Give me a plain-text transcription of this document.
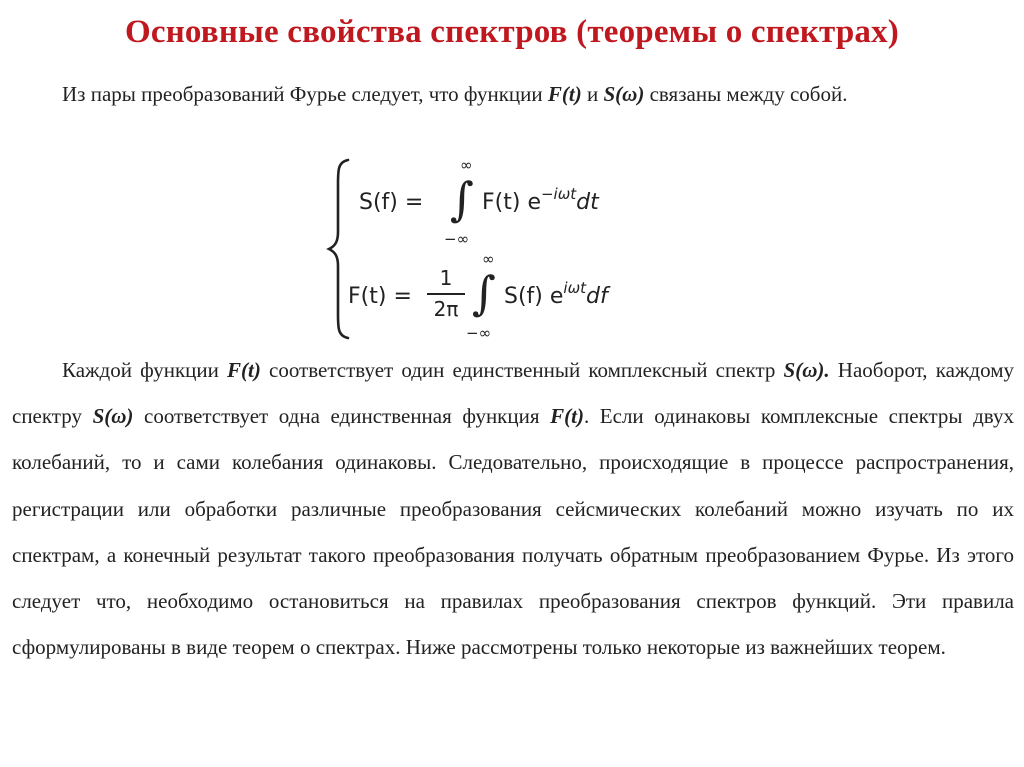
Основные свойства спектров (теоремы о спектрах)
Из пары преобразований Фурье следует, что функции F(t) и S(ω) связаны между собой.
S(f) = ∫
∞
−∞
F(t) $e^{-i\omega t}dt$
F(t) =
1
2π ∫
∞
−∞
S(f) $e^{i\omega t}df$
Каждой функции F(t) соответствует один единственный комплексный спектр S(ω). Наоборот, каждому спектру S(ω) соответствует одна единственная функция F(t). Если одинаковы комплексные спектры двух колебаний, то и сами колебания одинаковы. Следовательно, происходящие в процессе распространения, регистрации или обработки различные преобразования сейсмических колебаний можно изучать по их спектрам, а конечный результат такого преобразования получать обратным преобразованием Фурье. Из этого следует что, необходимо остановиться на правилах преобразования спектров функций. Эти правила сформулированы в виде теорем о спектрах. Ниже рассмотрены только некоторые из важнейших теорем.
